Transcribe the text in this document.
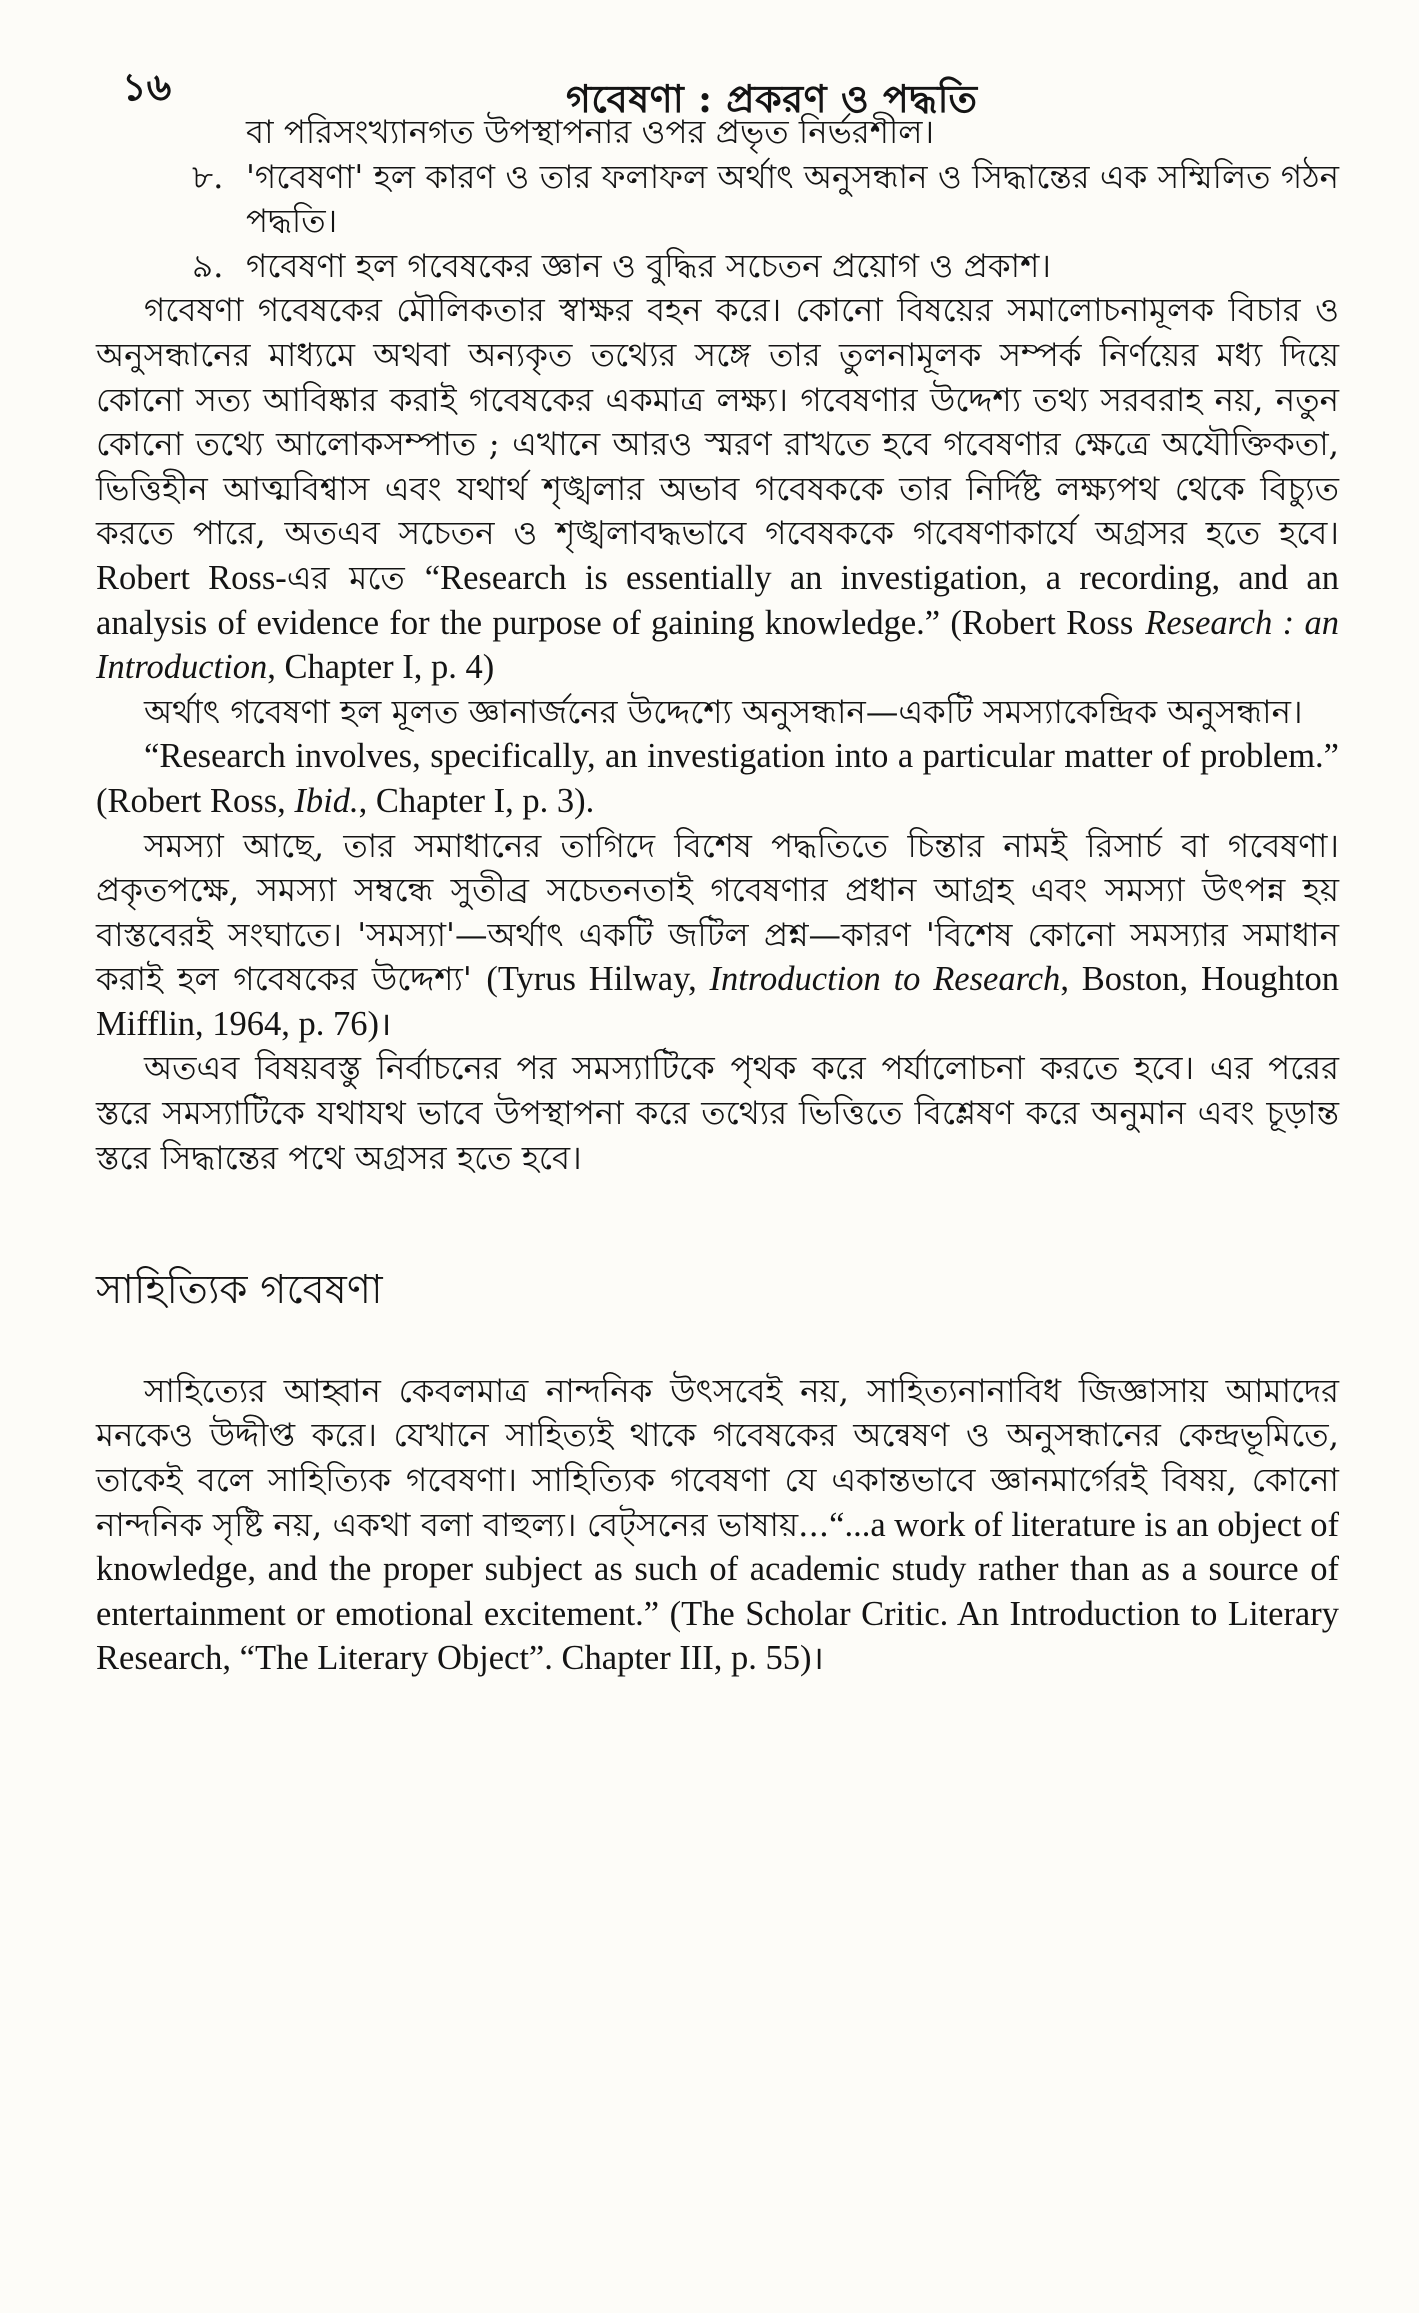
১৬	গবেষণা : প্রকরণ ও পদ্ধতি

বা পরিসংখ্যানগত উপস্থাপনার ওপর প্রভৃত নির্ভরশীল।

৮. 'গবেষণা' হল কারণ ও তার ফলাফল অর্থাৎ অনুসন্ধান ও সিদ্ধান্তের এক সম্মিলিত গঠন পদ্ধতি।

৯. গবেষণা হল গবেষকের জ্ঞান ও বুদ্ধির সচেতন প্রয়োগ ও প্রকাশ।

গবেষণা গবেষকের মৌলিকতার স্বাক্ষর বহন করে। কোনো বিষয়ের সমালোচনামূলক বিচার ও অনুসন্ধানের মাধ্যমে অথবা অন্যকৃত তথ্যের সঙ্গে তার তুলনামূলক সম্পর্ক নির্ণয়ের মধ্য দিয়ে কোনো সত্য আবিষ্কার করাই গবেষকের একমাত্র লক্ষ্য। গবেষণার উদ্দেশ্য তথ্য সরবরাহ নয়, নতুন কোনো তথ্যে আলোকসম্পাত ; এখানে আরও স্মরণ রাখতে হবে গবেষণার ক্ষেত্রে অযৌক্তিকতা, ভিত্তিহীন আত্মবিশ্বাস এবং যথার্থ শৃঙ্খলার অভাব গবেষককে তার নির্দিষ্ট লক্ষ্যপথ থেকে বিচ্যুত করতে পারে, অতএব সচেতন ও শৃঙ্খলাবদ্ধভাবে গবেষককে গবেষণাকার্যে অগ্রসর হতে হবে। Robert Ross-এর মতে “Research is essentially an investigation, a recording, and an analysis of evidence for the purpose of gaining knowledge.” (Robert Ross Research : an Introduction, Chapter I, p. 4)

অর্থাৎ গবেষণা হল মূলত জ্ঞানার্জনের উদ্দেশ্যে অনুসন্ধান—একটি সমস্যাকেন্দ্রিক অনুসন্ধান।

“Research involves, specifically, an investigation into a particular matter of problem.” (Robert Ross, Ibid., Chapter I, p. 3).

সমস্যা আছে, তার সমাধানের তাগিদে বিশেষ পদ্ধতিতে চিন্তার নামই রিসার্চ বা গবেষণা। প্রকৃতপক্ষে, সমস্যা সম্বন্ধে সুতীব্র সচেতনতাই গবেষণার প্রধান আগ্রহ এবং সমস্যা উৎপন্ন হয় বাস্তবেরই সংঘাতে। 'সমস্যা'—অর্থাৎ একটি জটিল প্রশ্ন—কারণ 'বিশেষ কোনো সমস্যার সমাধান করাই হল গবেষকের উদ্দেশ্য' (Tyrus Hilway, Introduction to Research, Boston, Houghton Mifflin, 1964, p. 76)।

অতএব বিষয়বস্তু নির্বাচনের পর সমস্যাটিকে পৃথক করে পর্যালোচনা করতে হবে। এর পরের স্তরে সমস্যাটিকে যথাযথ ভাবে উপস্থাপনা করে তথ্যের ভিত্তিতে বিশ্লেষণ করে অনুমান এবং চূড়ান্ত স্তরে সিদ্ধান্তের পথে অগ্রসর হতে হবে।

সাহিত্যিক গবেষণা

সাহিত্যের আহ্বান কেবলমাত্র নান্দনিক উৎসবেই নয়, সাহিত্যনানাবিধ জিজ্ঞাসায় আমাদের মনকেও উদ্দীপ্ত করে। যেখানে সাহিত্যই থাকে গবেষকের অন্বেষণ ও অনুসন্ধানের কেন্দ্রভূমিতে, তাকেই বলে সাহিত্যিক গবেষণা। সাহিত্যিক গবেষণা যে একান্তভাবে জ্ঞানমার্গেরই বিষয়, কোনো নান্দনিক সৃষ্টি নয়, একথা বলা বাহুল্য। বেট্সনের ভাষায়...“...a work of literature is an object of knowledge, and the proper subject as such of academic study rather than as a source of entertainment or emotional excitement.” (The Scholar Critic. An Introduction to Literary Research, “The Literary Object”. Chapter III, p. 55)।
